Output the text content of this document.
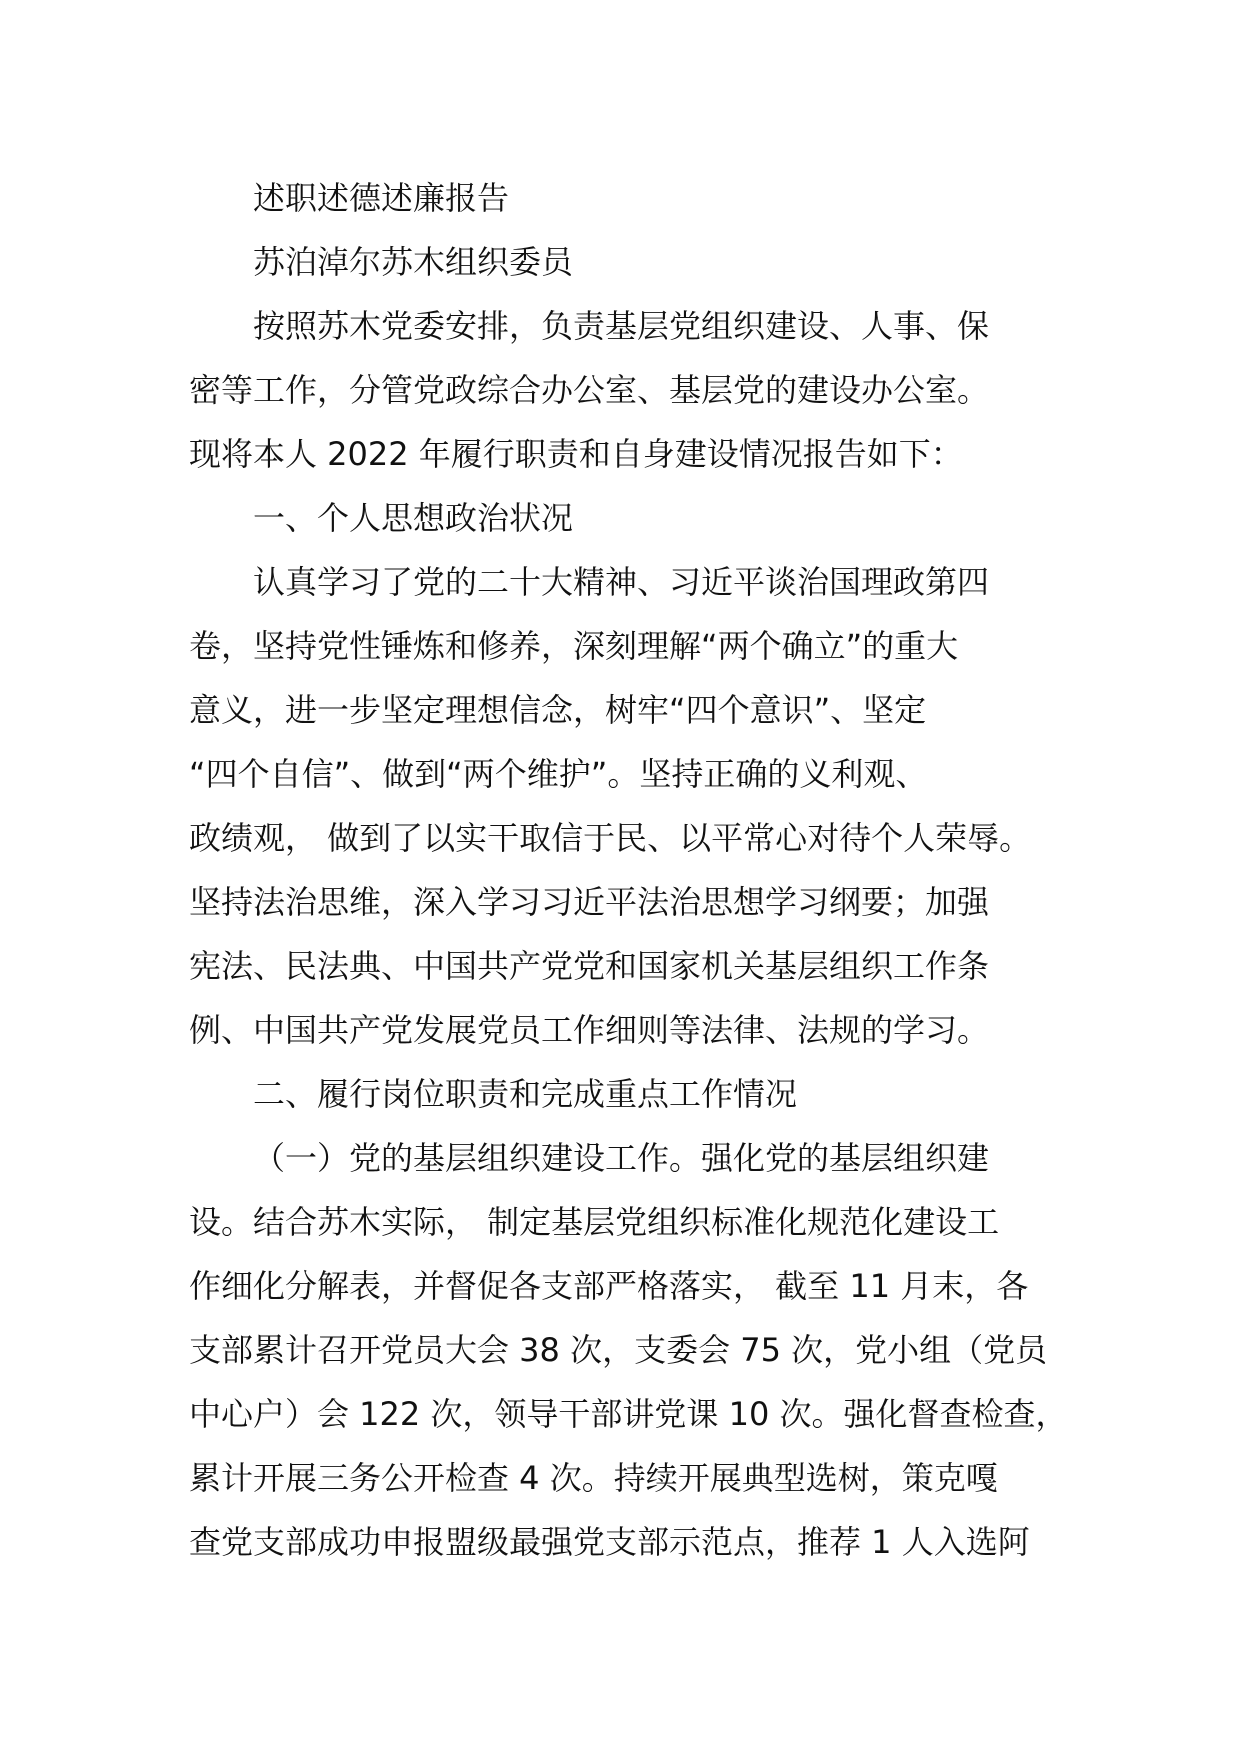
述职述德述廉报告
苏泊淖尔苏木组织委员
按照苏木党委安排，负责基层党组织建设、人事、保
密等工作，分管党政综合办公室、基层党的建设办公室。
现将本人 2022 年履行职责和自身建设情况报告如下：
一、个人思想政治状况
认真学习了党的二十大精神、习近平谈治国理政第四
卷，坚持党性锤炼和修养，深刻理解“两个确立”的重大
意义，进一步坚定理想信念，树牢“四个意识”、坚定
“四个自信”、做到“两个维护”。坚持正确的义利观、
政绩观， 做到了以实干取信于民、以平常心对待个人荣辱。
坚持法治思维，深入学习习近平法治思想学习纲要；加强
宪法、民法典、中国共产党党和国家机关基层组织工作条
例、中国共产党发展党员工作细则等法律、法规的学习。
二、履行岗位职责和完成重点工作情况
（一）党的基层组织建设工作。强化党的基层组织建
设。结合苏木实际， 制定基层党组织标准化规范化建设工
作细化分解表，并督促各支部严格落实， 截至 11 月末，各
支部累计召开党员大会 38 次，支委会 75 次，党小组（党员
中心户）会 122 次，领导干部讲党课 10 次。强化督查检查，
累计开展三务公开检查 4 次。持续开展典型选树，策克嘎
查党支部成功申报盟级最强党支部示范点，推荐 1 人入选阿
